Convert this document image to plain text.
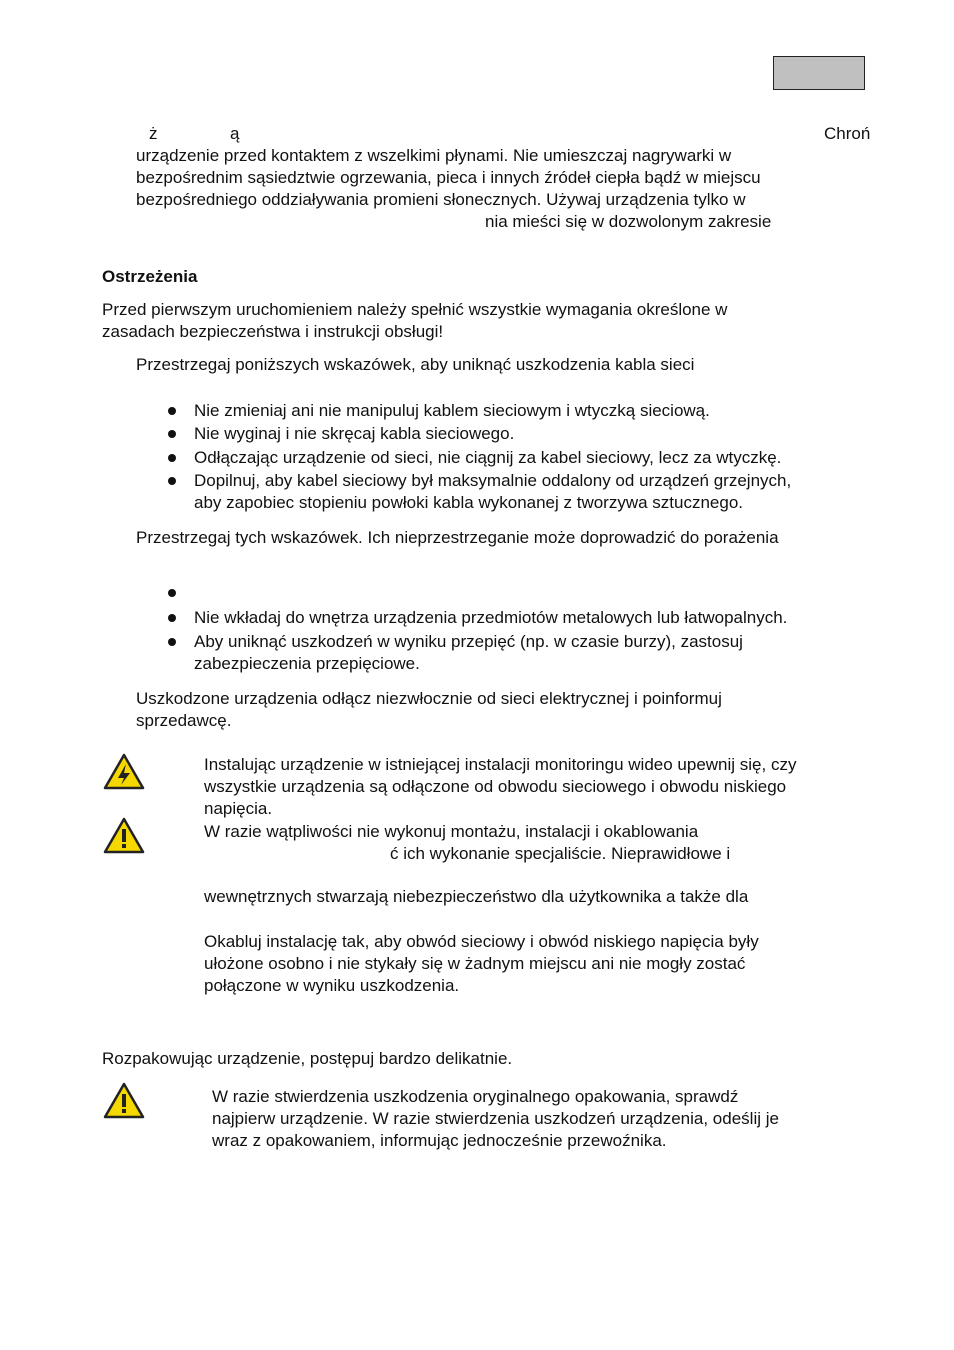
ż	ą	Chroń
urządzenie przed kontaktem z wszelkimi płynami. Nie umieszczaj nagrywarki w
bezpośrednim sąsiedztwie ogrzewania, pieca i innych źródeł ciepła bądź w miejscu
bezpośredniego oddziaływania promieni słonecznych. Używaj urządzenia tylko w
nia mieści się w dozwolonym zakresie
Ostrzeżenia
Przed pierwszym uruchomieniem należy spełnić wszystkie wymagania określone w
zasadach bezpieczeństwa i instrukcji obsługi!
Przestrzegaj poniższych wskazówek, aby uniknąć uszkodzenia kabla sieci
Nie zmieniaj ani nie manipuluj kablem sieciowym i wtyczką sieciową.
Nie wyginaj i nie skręcaj kabla sieciowego.
Odłączając urządzenie od sieci, nie ciągnij za kabel sieciowy, lecz za wtyczkę.
Dopilnuj, aby kabel sieciowy był maksymalnie oddalony od urządzeń grzejnych,
aby zapobiec stopieniu powłoki kabla wykonanej z tworzywa sztucznego.
Przestrzegaj tych wskazówek. Ich nieprzestrzeganie może doprowadzić do porażenia
Nie wkładaj do wnętrza urządzenia przedmiotów metalowych lub łatwopalnych.
Aby uniknąć uszkodzeń w wyniku przepięć (np. w czasie burzy), zastosuj
zabezpieczenia przepięciowe.
Uszkodzone urządzenia odłącz niezwłocznie od sieci elektrycznej i poinformuj
sprzedawcę.
Instalując urządzenie w istniejącej instalacji monitoringu wideo upewnij się, czy
wszystkie urządzenia są odłączone od obwodu sieciowego i obwodu niskiego
napięcia.
W razie wątpliwości nie wykonuj montażu, instalacji i okablowania
ć ich wykonanie specjaliście. Nieprawidłowe i
wewnętrznych stwarzają niebezpieczeństwo dla użytkownika a także dla
Okabluj instalację tak, aby obwód sieciowy i obwód niskiego napięcia były
ułożone osobno i nie stykały się w żadnym miejscu ani nie mogły zostać
połączone w wyniku uszkodzenia.
Rozpakowując urządzenie, postępuj bardzo delikatnie.
W razie stwierdzenia uszkodzenia oryginalnego opakowania, sprawdź
najpierw urządzenie. W razie stwierdzenia uszkodzeń urządzenia, odeślij je
wraz z opakowaniem, informując jednocześnie przewoźnika.
